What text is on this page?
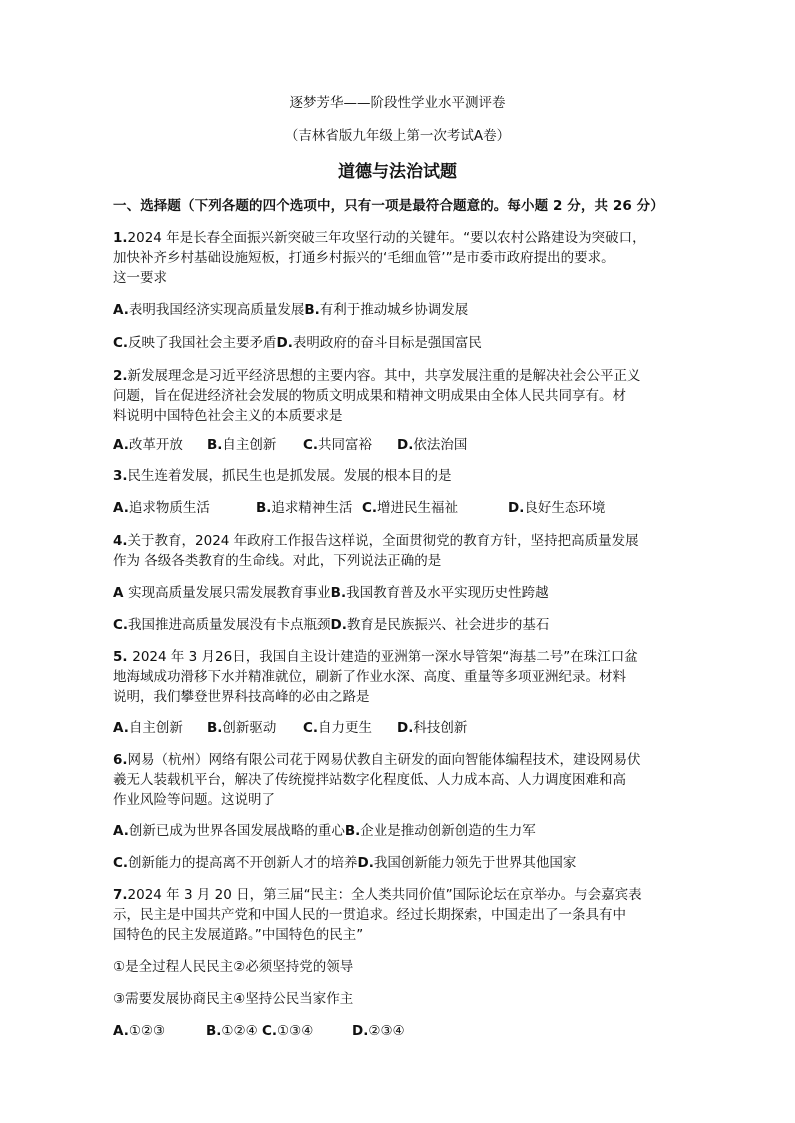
逐梦芳华——阶段性学业水平测评卷
（吉林省版九年级上第一次考试A卷）
道德与法治试题
一、选择题（下列各题的四个选项中，只有一项是最符合题意的。每小题 2 分，共 26 分）
1.2024 年是长春全面振兴新突破三年攻坚行动的关键年。“要以农村公路建设为突破口，
加快补齐乡村基础设施短板，打通乡村振兴的‘毛细血管’”是市委市政府提出的要求。
这一要求
A.表明我国经济实现高质量发展B.有利于推动城乡协调发展
C.反映了我国社会主要矛盾D.表明政府的奋斗目标是强国富民
2.新发展理念是习近平经济思想的主要内容。其中，共享发展注重的是解决社会公平正义
问题，旨在促进经济社会发展的物质文明成果和精神文明成果由全体人民共同享有。材
料说明中国特色社会主义的本质要求是
A.改革开放 B.自主创新 C.共同富裕 D.依法治国
3.民生连着发展，抓民生也是抓发展。发展的根本目的是
A.追求物质生活	B.追求精神生活 C.增进民生福祉	D.良好生态环境
4.关于教育，2024 年政府工作报告这样说，全面贯彻党的教育方针，坚持把高质量发展
作为 各级各类教育的生命线。对此，下列说法正确的是
A 实现高质量发展只需发展教育事业B.我国教育普及水平实现历史性跨越
C.我国推进高质量发展没有卡点瓶颈D.教育是民族振兴、社会进步的基石
5. 2024 年 3 月26日，我国自主设计建造的亚洲第一深水导管架“海基二号”在珠江口盆
地海域成功滑移下水并精准就位，刷新了作业水深、高度、重量等多项亚洲纪录。材料
说明，我们攀登世界科技高峰的必由之路是
A.自主创新 B.创新驱动 C.自力更生 D.科技创新
6.网易（杭州）网络有限公司花于网易伏教自主研发的面向智能体编程技术，建设网易伏
羲无人装载机平台，解决了传统搅拌站数字化程度低、人力成本高、人力调度困难和高
作业风险等问题。这说明了
A.创新已成为世界各国发展战略的重心B.企业是推动创新创造的生力军
C.创新能力的提高离不开创新人才的培养D.我国创新能力领先于世界其他国家
7.2024 年 3 月 20 日，第三届“民主：全人类共同价值”国际论坛在京举办。与会嘉宾表
示，民主是中国共产党和中国人民的一贯追求。经过长期探索，中国走出了一条具有中
国特色的民主发展道路。”中国特色的民主”
①是全过程人民民主②必须坚持党的领导
③需要发展协商民主④坚持公民当家作主
A.①②③	B.①②④ C.①③④	D.②③④
